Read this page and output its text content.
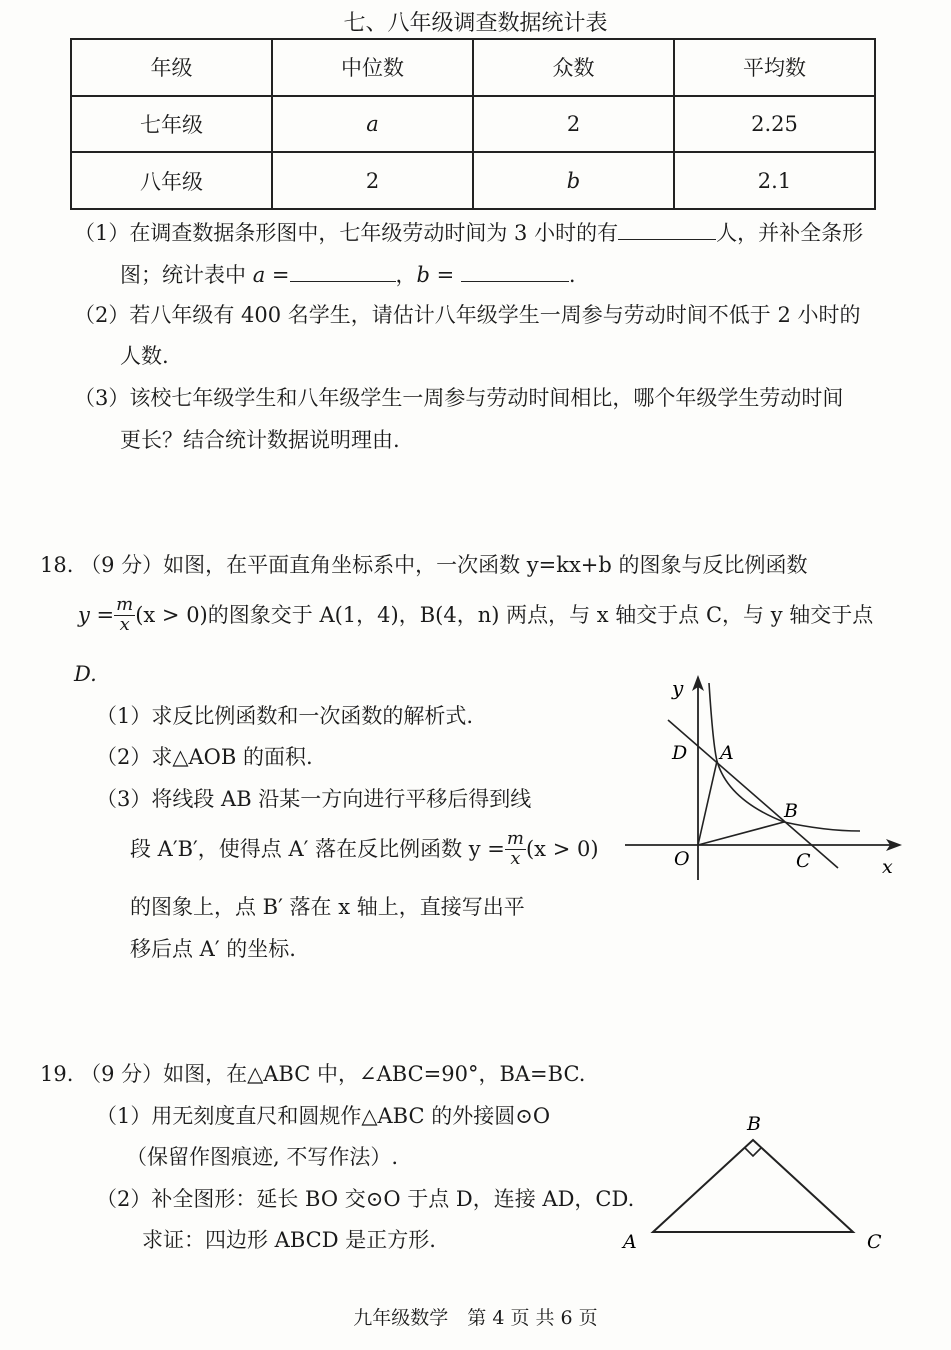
七、八年级调查数据统计表
年级	中位数	众数	平均数
七年级	a	2	2.25
八年级	2	b	2.1
（1）在调查数据条形图中，七年级劳动时间为 3 小时的有	人，并补全条形
图；统计表中 a =	，b =	.
（2）若八年级有 400 名学生，请估计八年级学生一周参与劳动时间不低于 2 小时的
人数.
（3）该校七年级学生和八年级学生一周参与劳动时间相比，哪个年级学生劳动时间
更长？结合统计数据说明理由.
18. （9 分）如图，在平面直角坐标系中，一次函数 y=kx+b 的图象与反比例函数
$y = \frac{m}{x} (x > 0)$ 的图象交于 A(1，4)，B(4，n) 两点，与 x 轴交于点 C，与 y 轴交于点
D.
（1）求反比例函数和一次函数的解析式.
（2）求△AOB 的面积.
（3）将线段 AB 沿某一方向进行平移后得到线
段 A′B′，使得点 A′ 落在反比例函数 $y = \frac{m}{x} (x > 0)$
的图象上，点 B′ 落在 x 轴上，直接写出平
移后点 A′ 的坐标.
y
x
O
A
B
C
D
19. （9 分）如图，在△ABC 中，∠ABC=90°，BA=BC.
（1）用无刻度直尺和圆规作△ABC 的外接圆⊙O
（保留作图痕迹, 不写作法）.
（2）补全图形：延长 BO 交⊙O 于点 D，连接 AD，CD.
求证：四边形 ABCD 是正方形.
B
A	C
九年级数学　第 4 页 共 6 页
